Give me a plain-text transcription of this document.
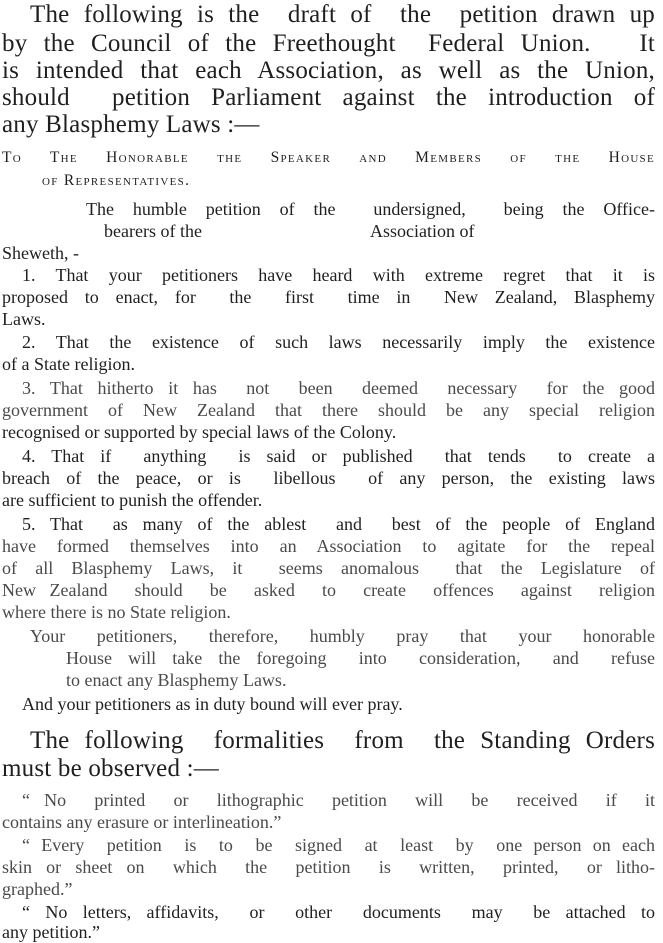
The following is the  draft of  the  petition drawn up
by the Council of the Freethought  Federal Union.   It
is intended that each Association, as well as the Union,
should  petition Parliament against the introduction of
any Blasphemy Laws :—
To The Honorable the Speaker and Members of the House
of Representatives.
The humble petition of the  undersigned,  being the Office-
bearers of the	Association of
Sheweth, -
1. That your petitioners have heard with extreme regret that it is
proposed to enact, for  the  first  time in  New Zealand, Blasphemy
Laws.
2. That the existence of such laws necessarily imply the existence
of a State religion.
3. That hitherto it has  not  been  deemed  necessary  for the good
government of New Zealand that there should be any special religion
recognised or supported by special laws of the Colony.
4. That if  anything  is said or published  that tends  to create a
breach of the peace, or is  libellous  of any person, the existing laws
are sufficient to punish the offender.
5. That  as many of the ablest  and  best of the people of England
have formed themselves into an Association to agitate for the repeal
of all Blasphemy Laws, it  seems anomalous  that the Legislature of
New Zealand  should  be  asked  to  create  offences  against  religion
where there is no State religion.
Your  petitioners,  therefore,  humbly  pray  that  your  honorable
House will take the foregoing  into  consideration,  and  refuse
to enact any Blasphemy Laws.
And your petitioners as in duty bound will ever pray.
The following  formalities  from  the Standing Orders
must be observed :—
“ No  printed  or  lithographic  petition  will  be  received  if  it
contains any erasure or interlineation.”
“ Every  petition  is  to  be  signed  at  least  by  one person on each
skin or sheet on  which  the  petition  is  written,  printed,  or litho-
graphed.”
“ No letters, affidavits,  or  other  documents  may  be attached to
any petition.”
